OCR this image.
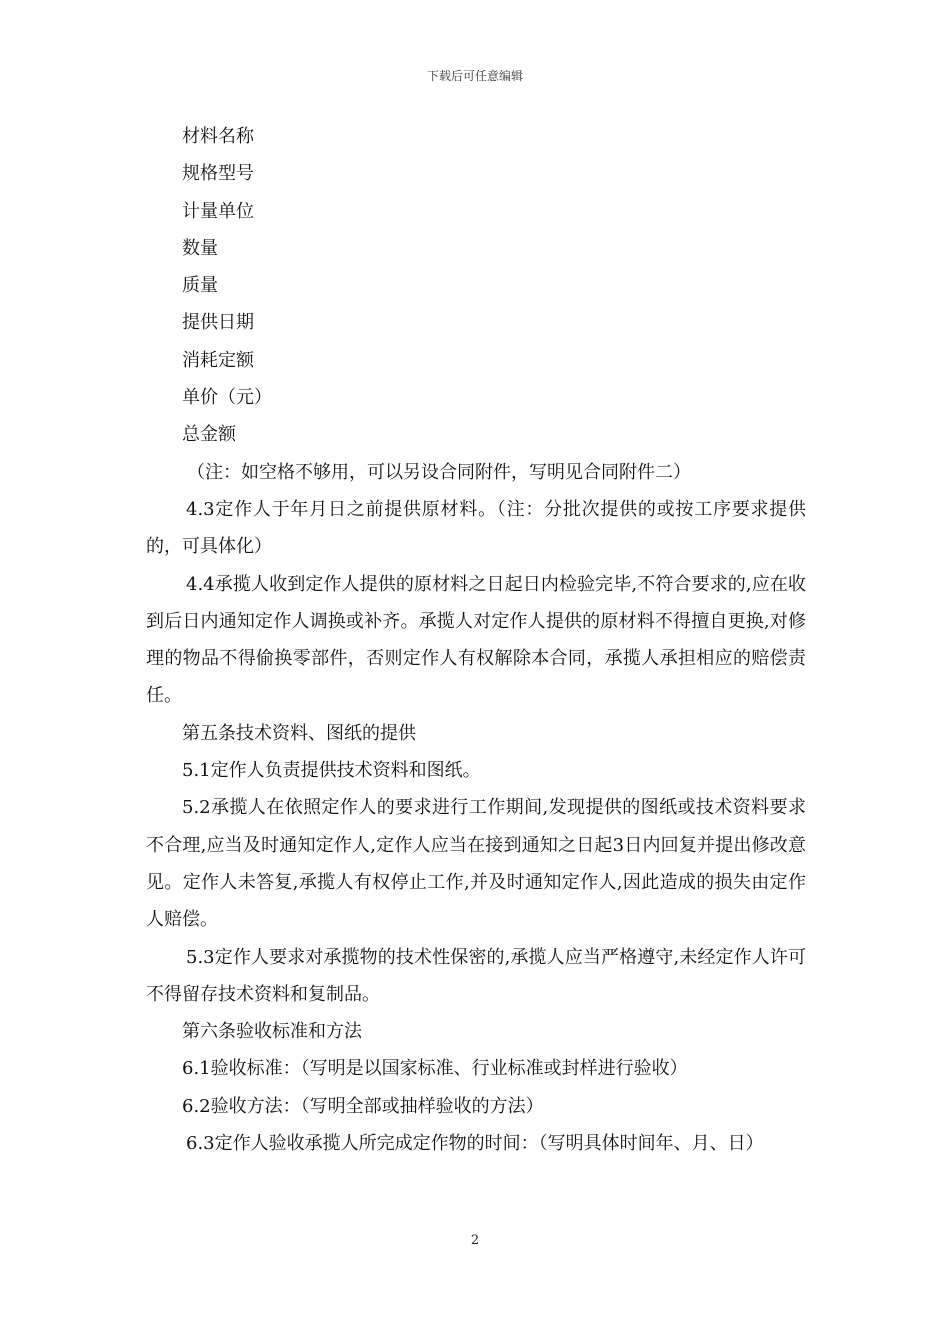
下载后可任意编辑

材料名称

规格型号

计量单位

数量

质量

提供日期

消耗定额

单价（元）

总金额

（注：如空格不够用，可以另设合同附件，写明见合同附件二）

4.3定作人于年月日之前提供原材料。（注：分批次提供的或按工序要求提供的，可具体化）

4.4承揽人收到定作人提供的原材料之日起日内检验完毕,不符合要求的,应在收到后日内通知定作人调换或补齐。承揽人对定作人提供的原材料不得擅自更换,对修理的物品不得偷换零部件，否则定作人有权解除本合同，承揽人承担相应的赔偿责任。

第五条技术资料、图纸的提供

5.1定作人负责提供技术资料和图纸。

5.2承揽人在依照定作人的要求进行工作期间,发现提供的图纸或技术资料要求不合理,应当及时通知定作人,定作人应当在接到通知之日起3日内回复并提出修改意见。定作人未答复,承揽人有权停止工作,并及时通知定作人,因此造成的损失由定作人赔偿。

5.3定作人要求对承揽物的技术性保密的,承揽人应当严格遵守,未经定作人许可不得留存技术资料和复制品。

第六条验收标准和方法

6.1验收标准：（写明是以国家标准、行业标准或封样进行验收）

6.2验收方法：（写明全部或抽样验收的方法）

6.3定作人验收承揽人所完成定作物的时间：（写明具体时间年、月、日）

2
